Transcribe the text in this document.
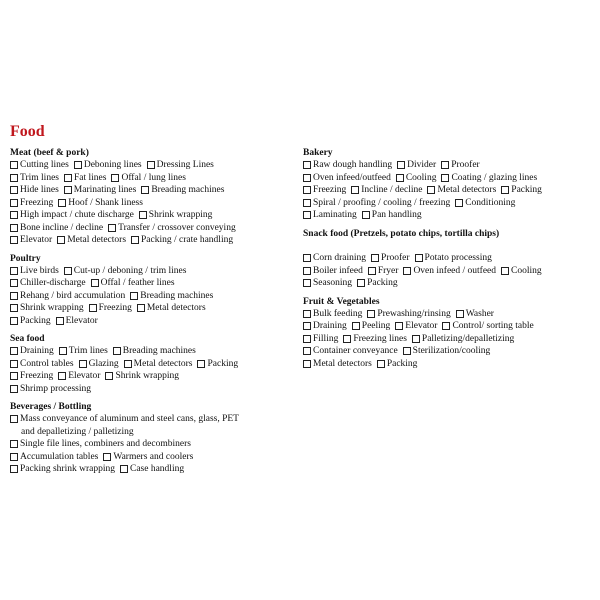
Food
Meat (beef & pork)
Cutting lines Deboning lines Dressing Lines
Trim lines Fat lines Offal / lung lines
Hide lines Marinating lines Breading machines
Freezing Hoof / Shank liness
High impact / chute discharge Shrink wrapping
Bone incline / decline Transfer / crossover conveying
Elevator Metal detectors Packing / crate handling
Poultry
Live birds Cut-up / deboning / trim lines
Chiller-discharge Offal / feather lines
Rehang / bird accumulation Breading machines
Shrink wrapping Freezing Metal detectors
Packing Elevator
Sea food
Draining Trim lines Breading machines
Control tables Glazing Metal detectors Packing
Freezing Elevator Shrink wrapping
Shrimp processing
Beverages / Bottling
Mass conveyance of aluminum and steel cans, glass, PET
and depalletizing / palletizing
Single file lines, combiners and decombiners
Accumulation tables Warmers and coolers
Packing shrink wrapping Case handling
Bakery
Raw dough handling Divider Proofer
Oven infeed/outfeed Cooling Coating / glazing lines
Freezing Incline / decline Metal detectors Packing
Spiral / proofing / cooling / freezing Conditioning
Laminating Pan handling
Snack food (Pretzels, potato chips, tortilla chips)
Corn draining Proofer Potato processing
Boiler infeed Fryer Oven infeed / outfeed Cooling
Seasoning Packing
Fruit & Vegetables
Bulk feeding Prewashing/rinsing Washer
Draining Peeling Elevator Control/ sorting table
Filling Freezing lines Palletizing/depalletizing
Container conveyance Sterilization/cooling
Metal detectors Packing
